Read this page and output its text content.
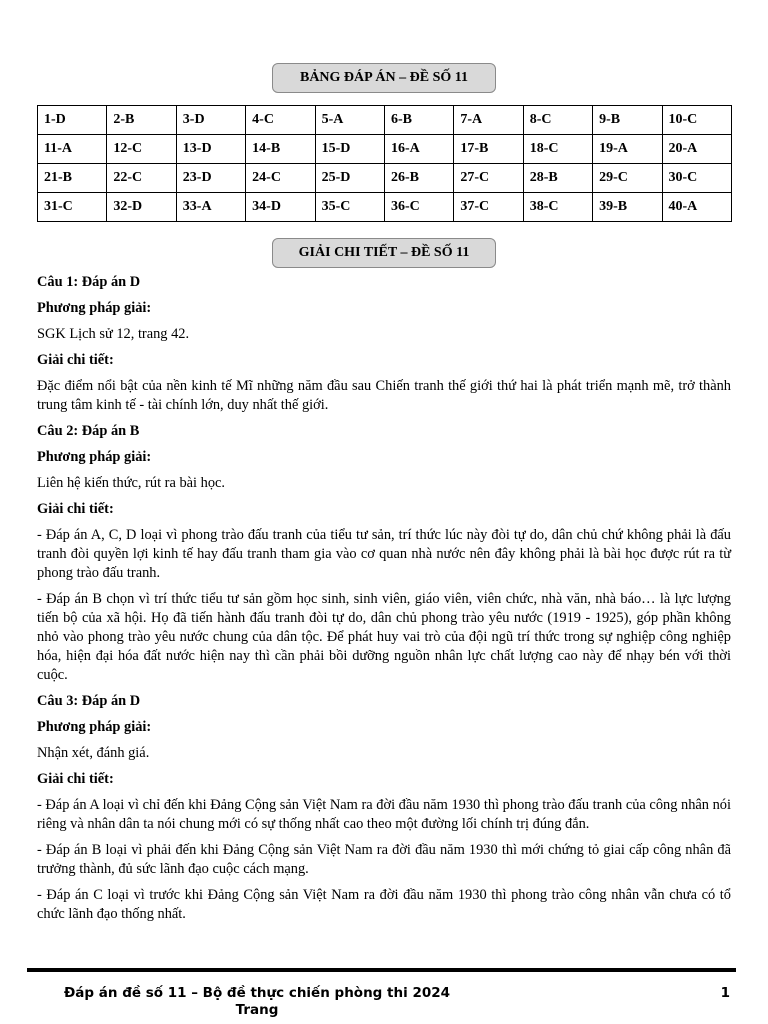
BẢNG ĐÁP ÁN – ĐỀ SỐ 11
1-D	2-B	3-D	4-C	5-A	6-B	7-A	8-C	9-B	10-C
11-A	12-C	13-D	14-B	15-D	16-A	17-B	18-C	19-A	20-A
21-B	22-C	23-D	24-C	25-D	26-B	27-C	28-B	29-C	30-C
31-C	32-D	33-A	34-D	35-C	36-C	37-C	38-C	39-B	40-A
GIẢI CHI TIẾT – ĐỀ SỐ 11

Câu 1: Đáp án D

Phương pháp giải:

SGK Lịch sử 12, trang 42.

Giải chi tiết:

Đặc điểm nổi bật của nền kinh tế Mĩ những năm đầu sau Chiến tranh thế giới thứ hai là phát triển mạnh mẽ, trở thành trung tâm kinh tế - tài chính lớn, duy nhất thế giới.

Câu 2: Đáp án B

Phương pháp giải:

Liên hệ kiến thức, rút ra bài học.

Giải chi tiết:

- Đáp án A, C, D loại vì phong trào đấu tranh của tiểu tư sản, trí thức lúc này đòi tự do, dân chủ chứ không phải là đấu tranh đòi quyền lợi kinh tế hay đấu tranh tham gia vào cơ quan nhà nước nên đây không phải là bài học được rút ra từ phong trào đấu tranh.

- Đáp án B chọn vì trí thức tiểu tư sản gồm học sinh, sinh viên, giáo viên, viên chức, nhà văn, nhà báo… là lực lượng tiến bộ của xã hội. Họ đã tiến hành đấu tranh đòi tự do, dân chủ phong trào yêu nước (1919 - 1925), góp phần không nhỏ vào phong trào yêu nước chung của dân tộc. Để phát huy vai trò của đội ngũ trí thức trong sự nghiệp công nghiệp hóa, hiện đại hóa đất nước hiện nay thì cần phải bồi dưỡng nguồn nhân lực chất lượng cao này để nhạy bén với thời cuộc.

Câu 3: Đáp án D

Phương pháp giải:

Nhận xét, đánh giá.

Giải chi tiết:

- Đáp án A loại vì chỉ đến khi Đảng Cộng sản Việt Nam ra đời đầu năm 1930 thì phong trào đấu tranh của công nhân nói riêng và nhân dân ta nói chung mới có sự thống nhất cao theo một đường lối chính trị đúng đắn.

- Đáp án B loại vì phải đến khi Đảng Cộng sản Việt Nam ra đời đầu năm 1930 thì mới chứng tỏ giai cấp công nhân đã trưởng thành, đủ sức lãnh đạo cuộc cách mạng.

- Đáp án C loại vì trước khi Đảng Cộng sản Việt Nam ra đời đầu năm 1930 thì phong trào công nhân vẫn chưa có tổ chức lãnh đạo thống nhất.

Đáp án đề số 11 – Bộ đề thực chiến phòng thi 2024
Trang
1
